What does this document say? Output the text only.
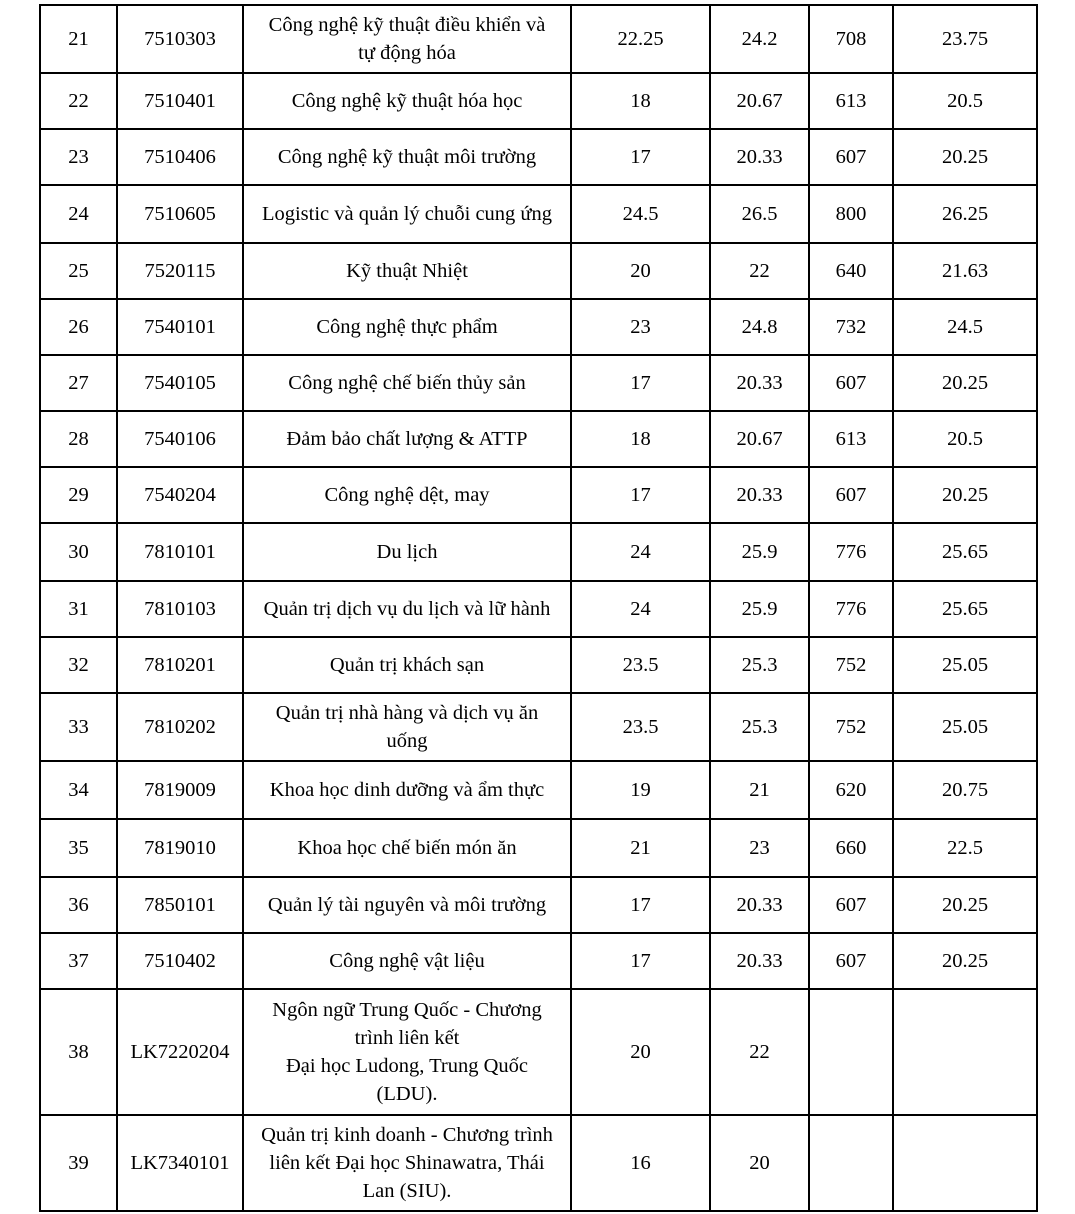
21	7510303	Công nghệ kỹ thuật điều khiển và
tự động hóa	22.25	24.2	708	23.75
22	7510401	Công nghệ kỹ thuật hóa học	18	20.67	613	20.5
23	7510406	Công nghệ kỹ thuật môi trường	17	20.33	607	20.25
24	7510605	Logistic và quản lý chuỗi cung ứng	24.5	26.5	800	26.25
25	7520115	Kỹ thuật Nhiệt	20	22	640	21.63
26	7540101	Công nghệ thực phẩm	23	24.8	732	24.5
27	7540105	Công nghệ chế biến thủy sản	17	20.33	607	20.25
28	7540106	Đảm bảo chất lượng & ATTP	18	20.67	613	20.5
29	7540204	Công nghệ dệt, may	17	20.33	607	20.25
30	7810101	Du lịch	24	25.9	776	25.65
31	7810103	Quản trị dịch vụ du lịch và lữ hành	24	25.9	776	25.65
32	7810201	Quản trị khách sạn	23.5	25.3	752	25.05
33	7810202	Quản trị nhà hàng và dịch vụ ăn
uống	23.5	25.3	752	25.05
34	7819009	Khoa học dinh dưỡng và ẩm thực	19	21	620	20.75
35	7819010	Khoa học chế biến món ăn	21	23	660	22.5
36	7850101	Quản lý tài nguyên và môi trường	17	20.33	607	20.25
37	7510402	Công nghệ vật liệu	17	20.33	607	20.25
38	LK7220204	Ngôn ngữ Trung Quốc - Chương
trình liên kết
Đại học Ludong, Trung Quốc
(LDU).	20	22		
39	LK7340101	Quản trị kinh doanh - Chương trình
liên kết Đại học Shinawatra, Thái
Lan (SIU).	16	20		
